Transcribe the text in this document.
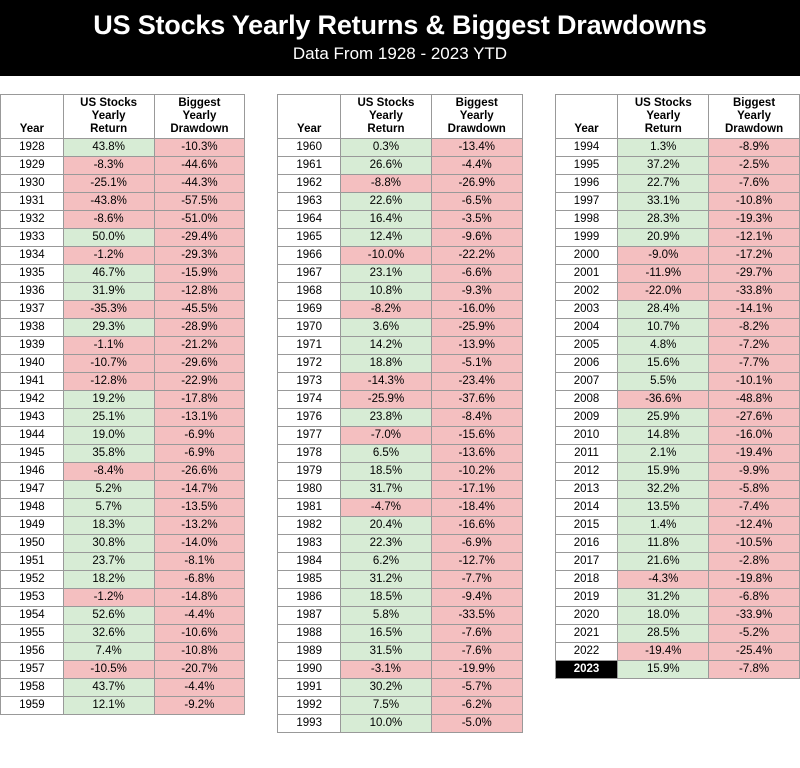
US Stocks Yearly Returns & Biggest Drawdowns
Data From 1928 - 2023 YTD
Year	
US Stocks
Yearly
Return

Biggest
Yearly
Drawdown

1928	43.8%	-10.3%
1929	-8.3%	-44.6%
1930	-25.1%	-44.3%
1931	-43.8%	-57.5%
1932	-8.6%	-51.0%
1933	50.0%	-29.4%
1934	-1.2%	-29.3%
1935	46.7%	-15.9%
1936	31.9%	-12.8%
1937	-35.3%	-45.5%
1938	29.3%	-28.9%
1939	-1.1%	-21.2%
1940	-10.7%	-29.6%
1941	-12.8%	-22.9%
1942	19.2%	-17.8%
1943	25.1%	-13.1%
1944	19.0%	-6.9%
1945	35.8%	-6.9%
1946	-8.4%	-26.6%
1947	5.2%	-14.7%
1948	5.7%	-13.5%
1949	18.3%	-13.2%
1950	30.8%	-14.0%
1951	23.7%	-8.1%
1952	18.2%	-6.8%
1953	-1.2%	-14.8%
1954	52.6%	-4.4%
1955	32.6%	-10.6%
1956	7.4%	-10.8%
1957	-10.5%	-20.7%
1958	43.7%	-4.4%
1959	12.1%	-9.2%
Year	
US Stocks
Yearly
Return

Biggest
Yearly
Drawdown

1960	0.3%	-13.4%
1961	26.6%	-4.4%
1962	-8.8%	-26.9%
1963	22.6%	-6.5%
1964	16.4%	-3.5%
1965	12.4%	-9.6%
1966	-10.0%	-22.2%
1967	23.1%	-6.6%
1968	10.8%	-9.3%
1969	-8.2%	-16.0%
1970	3.6%	-25.9%
1971	14.2%	-13.9%
1972	18.8%	-5.1%
1973	-14.3%	-23.4%
1974	-25.9%	-37.6%
1976	23.8%	-8.4%
1977	-7.0%	-15.6%
1978	6.5%	-13.6%
1979	18.5%	-10.2%
1980	31.7%	-17.1%
1981	-4.7%	-18.4%
1982	20.4%	-16.6%
1983	22.3%	-6.9%
1984	6.2%	-12.7%
1985	31.2%	-7.7%
1986	18.5%	-9.4%
1987	5.8%	-33.5%
1988	16.5%	-7.6%
1989	31.5%	-7.6%
1990	-3.1%	-19.9%
1991	30.2%	-5.7%
1992	7.5%	-6.2%
1993	10.0%	-5.0%
Year	
US Stocks
Yearly
Return

Biggest
Yearly
Drawdown

1994	1.3%	-8.9%
1995	37.2%	-2.5%
1996	22.7%	-7.6%
1997	33.1%	-10.8%
1998	28.3%	-19.3%
1999	20.9%	-12.1%
2000	-9.0%	-17.2%
2001	-11.9%	-29.7%
2002	-22.0%	-33.8%
2003	28.4%	-14.1%
2004	10.7%	-8.2%
2005	4.8%	-7.2%
2006	15.6%	-7.7%
2007	5.5%	-10.1%
2008	-36.6%	-48.8%
2009	25.9%	-27.6%
2010	14.8%	-16.0%
2011	2.1%	-19.4%
2012	15.9%	-9.9%
2013	32.2%	-5.8%
2014	13.5%	-7.4%
2015	1.4%	-12.4%
2016	11.8%	-10.5%
2017	21.6%	-2.8%
2018	-4.3%	-19.8%
2019	31.2%	-6.8%
2020	18.0%	-33.9%
2021	28.5%	-5.2%
2022	-19.4%	-25.4%
2023	15.9%	-7.8%
